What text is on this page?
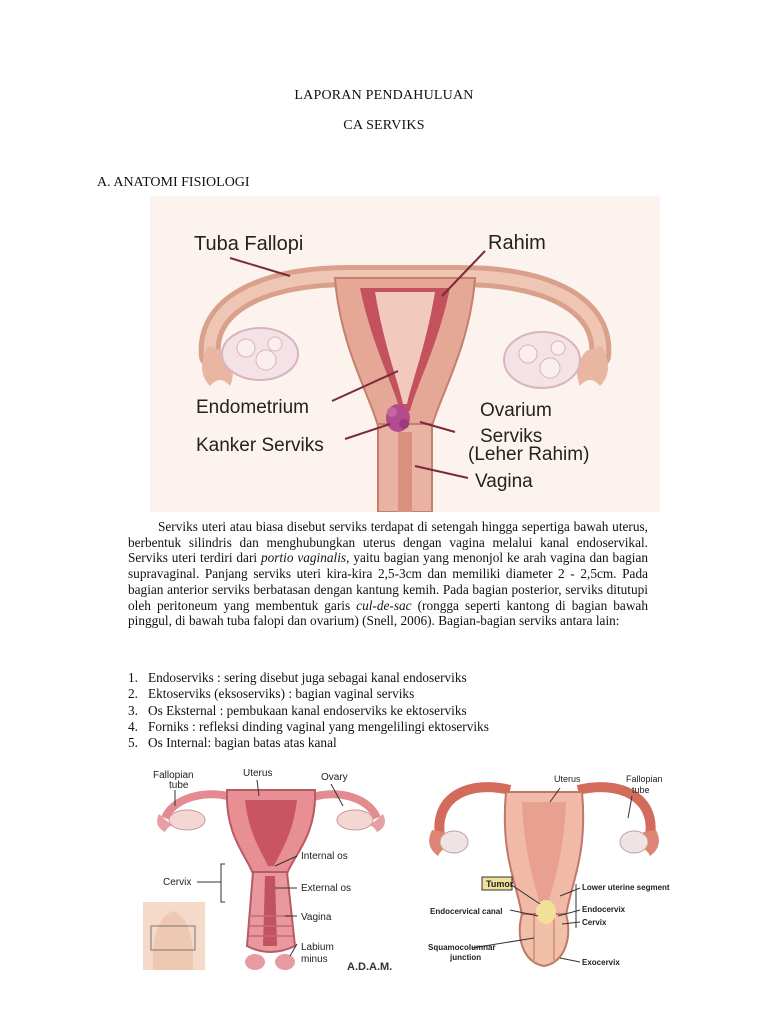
LAPORAN PENDAHULUAN
CA SERVIKS
A. ANATOMI FISIOLOGI
Tuba Fallopi	Rahim
Endometrium	Ovarium
Kanker Serviks	Serviks
(Leher Rahim)
Vagina

Serviks uteri atau biasa disebut serviks terdapat di setengah hingga sepertiga bawah uterus, berbentuk silindris dan menghubungkan uterus dengan vagina melalui kanal endoservikal. Serviks uteri terdiri dari portio vaginalis, yaitu bagian yang menonjol ke arah vagina dan bagian supravaginal. Panjang serviks uteri kira-kira 2,5-3cm dan memiliki diameter 2 - 2,5cm. Pada bagian anterior serviks berbatasan dengan kantung kemih. Pada bagian posterior, serviks ditutupi oleh peritoneum yang membentuk garis cul-de-sac (rongga seperti kantong di bagian bawah pinggul, di bawah tuba falopi dan ovarium) (Snell, 2006). Bagian-bagian serviks antara lain:

1. Endoserviks : sering disebut juga sebagai kanal endoserviks
2. Ektoserviks (eksoserviks) : bagian vaginal serviks
3. Os Eksternal : pembukaan kanal endoserviks ke ektoserviks
4. Forniks : refleksi dinding vaginal yang mengelilingi ektoserviks
5. Os Internal: bagian batas atas kanal
Fallopian
tube
Uterus	Ovary
Internal os
Cervix
External os
Vagina
Labium
minus
A.D.A.M.
Uterus	Fallopian
tube
Tumor	Lower uterine segment
Endocervical canal	Endocervix
Cervix
Squamocolumnar
junction
Exocervix
